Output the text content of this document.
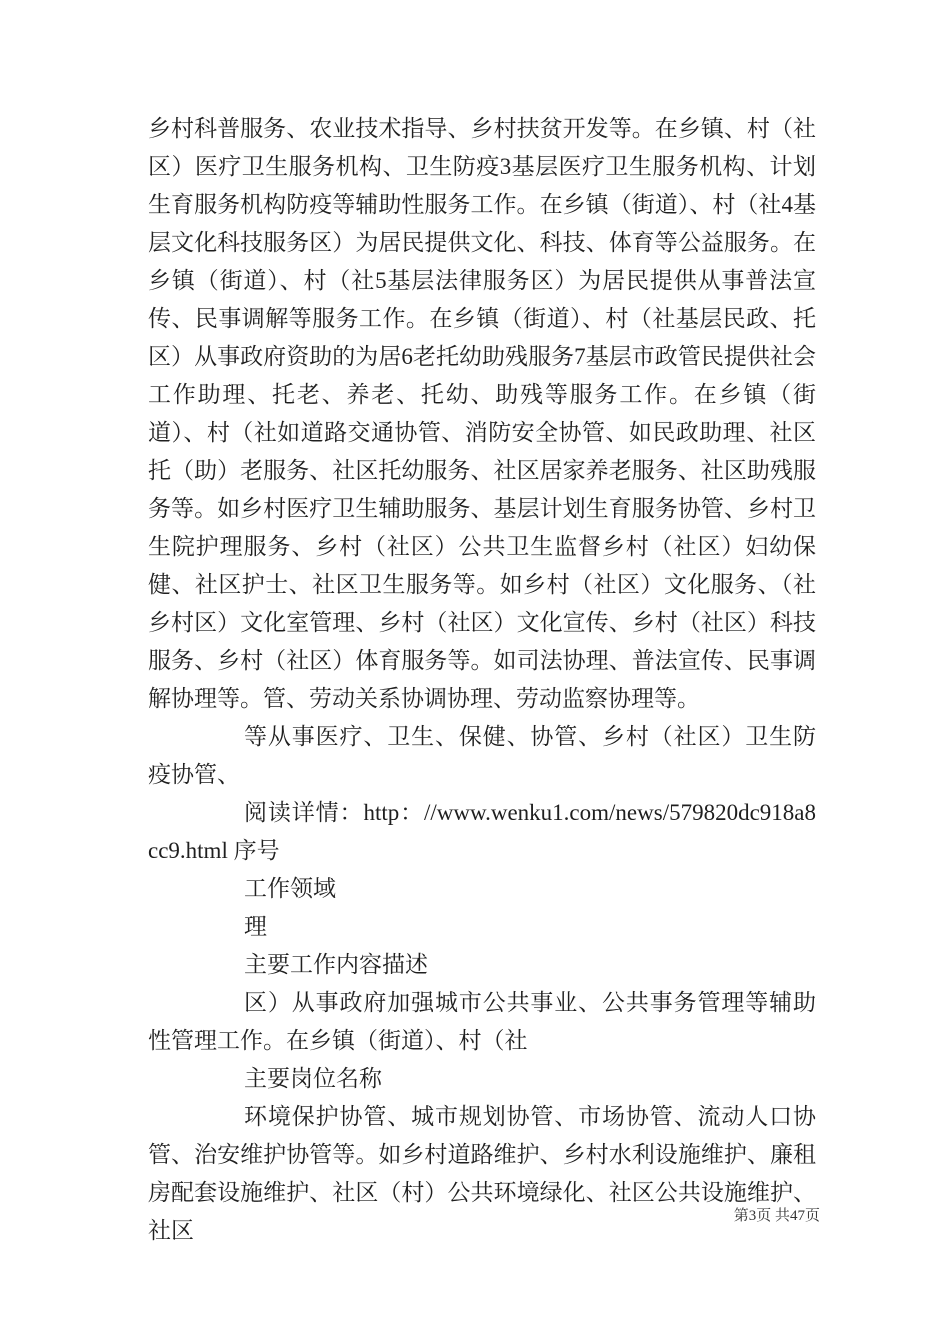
乡村科普服务、农业技术指导、乡村扶贫开发等。在乡镇、村（社区）医疗卫生服务机构、卫生防疫3基层医疗卫生服务机构、计划生育服务机构防疫等辅助性服务工作。在乡镇（街道）、村（社4基层文化科技服务区）为居民提供文化、科技、体育等公益服务。在乡镇（街道）、村（社5基层法律服务区）为居民提供从事普法宣传、民事调解等服务工作。在乡镇（街道）、村（社基层民政、托区）从事政府资助的为居6老托幼助残服务7基层市政管民提供社会工作助理、托老、养老、托幼、助残等服务工作。在乡镇（街道）、村（社如道路交通协管、消防安全协管、如民政助理、社区托（助）老服务、社区托幼服务、社区居家养老服务、社区助残服务等。如乡村医疗卫生辅助服务、基层计划生育服务协管、乡村卫生院护理服务、乡村（社区）公共卫生监督乡村（社区）妇幼保健、社区护士、社区卫生服务等。如乡村（社区）文化服务、（社乡村区）文化室管理、乡村（社区）文化宣传、乡村（社区）科技服务、乡村（社区）体育服务等。如司法协理、普法宣传、民事调解协理等。管、劳动关系协调协理、劳动监察协理等。

等从事医疗、卫生、保健、协管、乡村（社区）卫生防疫协管、

阅读详情：http：//www.wenku1.com/news/579820dc918a8cc9.html 序号

工作领域

理

主要工作内容描述

区）从事政府加强城市公共事业、公共事务管理等辅助性管理工作。在乡镇（街道）、村（社

主要岗位名称

环境保护协管、城市规划协管、市场协管、流动人口协管、治安维护协管等。如乡村道路维护、乡村水利设施维护、廉租房配套设施维护、社区（村）公共环境绿化、社区公共设施维护、社区

第3页 共47页
